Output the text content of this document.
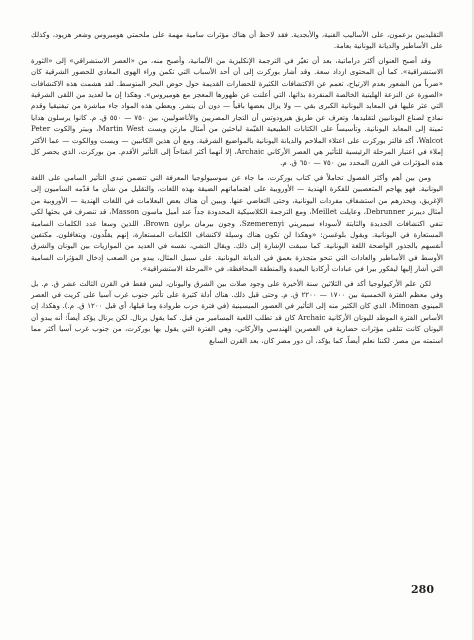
التقليديين بزعمون، على الأساليب الفنية، والأبجدية. فقد لاحظ أن هناك مؤثرات سامية مهمة على ملحمتي هوميروس وشعر هزيود، وكذلك على الأساطير والديانة اليونانية بعامة.

وقد أصبح العنوان أكثر دراماتية، بعد أن تغيّر في الترجمة الإنكليزية من الألمانية، وأصبح منه، من «العصر الاستشراقي» إلى «الثورة الاستشراقية». كما أن المحتوى ازداد سعة. وقد أشار بوركرت إلى أن أحد الأسباب التي تكمن وراء الهوى المعادي للحضور الشرقية كان «ضرباً من الشعور بعدم الارتياح، تعمم عن الاكتشافات الكثيرة للحضارات القديمة حول حوض البحر المتوسط. لقد هشمت هذه الاكتشافات «الصورة عن النزعة الهلينية الخالصة المنفردة بذاتها، التي أعلنت عن ظهورها المعجز مع هوميروس». وهكذا إن ما لعديد من اللقى الشرقية التي عثر عليها في المعابد اليونانية الكبرى بقي — ولا يزال بعضها باقياً — دون أن ينشر. ويعطي هذه المواد جاء مباشرة من تيفنيقيا وقدم نماذج لصناع اليونانيين لتقليدها. وتعرف عن طريق هيرودوتس أن التجار المصريين والأناضوليين، بين ٧٥٠ — ٥٥٠ ق. م. كانوا يرسلون هدايا ثمينة إلى المعابد اليونانية. وتأسيساً على الكتابات الطبيعية القيّمة لباحثين من أمثال مارتن ويست Martin West، وبيتر والكوت Peter Walcot، أكد فالتر بوركرت على اعتلاء الملاحم والديانة اليونانية بالمواضيع الشرقية. ومع أن هذين الكاتبين — ويست ووالكوت — عما الأكثر إملاء في اعتبار المرحلة الرئيسية للتأثير هي العصر الأركاني Archaic، إلا أنهما أكثر انفتاحاً إلى التأثير الأقدم. من بوركرت، الذي يحصر كل هذه المؤثرات في القرن المحدد بين ٧٥٠ — ٦٥٠ ق. م.

ومن بين أهم وأكثر الفصول تحاملاً في كتاب بوركرت، ما جاء عن سوسيولوجيا المعرفة التي تتضمن تبدي التأثير السامي على اللغة اليونانية. فهو يهاجم المتعصبين للفكرة الهندية — الأوروبية على اهتماماتهم الضيقة بهذه اللغات، والتقليل من شأن ما قدّمه الساميون إلى الإغريق، ويحذرهم من استشفاف مفردات اليونانية، وحتى التغاضي عنها. ويبين أن هناك بعض البعلامات في اللغات الهندية — الأوروبية من أمثال ديبرنر Debrunner، وعايلت Meillet، ومع الترجمة الكلاسيكية المحدودة جداً عند أميل ماسون Masson، قد تنصرف في بحثها لكي تنفي اكتشافات الجديدة والثابتة لأسوداء سيمريني Szemerenyi، وجون بيرمان براون Brown، اللذين وسعا عدد الكلمات السامية المستعارة في اليونانية. ويقول بلوغسن: «وهكذا لن تكون هناك وسيلة لاكتشاف الكلمات المستعارة، إنهم يقلّدون، ويتغافلون. مكتفين أنفسهم بالجذور الواضحة اللغة اليونانية. كما سبقت الإشارة إلى ذلك. ويقال التشي، نفسه في العديد من الموازيات بين اليونان والشرق الأوسط في الأساطير والعادات التي تنحو متجذرة بعمق في الديانة اليونانية. على سبيل المثال، يبدو من الصعب إدخال المؤثرات السامية التي أشار إليها ليفكور بيرا في عبادات أركاديا البعيدة والمنطقة المحافظة، في «المرحلة الاستشراقية».

لكن علم الأركيولوجيا أكد في الثلاثين سنة الأخيرة على وجود صلات بين الشرق واليونان، ليس فقط في القرن الثالث عشر ق. م. بل وفي معظم الفترة الخمسية بين ١٧٠٠ — ٢٢٠٠ ق. م. وحتى قبل ذلك. هناك أدلة كثيرة على تأثير جنوب غرب آسيا على كريت في العصر المينوي Minoan، الذي كان الكثير منه إلى التأثير في العصور الميسينية (في فترة حرب طروادة وما قبلها، أي قبل ١٢٠٠ ق. م.). وهكذا، إن الأساس الفترة الموطد لليونان الأركانية Archaic كان قد تطلب اللعبة المسامير من قبل. كما يقول برنال. لكن برنال يؤكد أيضاً: أنه يبدو أن اليونان كانت تتلقى مؤثرات حضارية في العصرين الهندسي والأركاني، وهي الفترة التي يقول بها بوركرت، من جنوب غرب آسيا أكثر مما استمته من مصر. لكننا نعلم أيضاً، كما يؤكد، أن دور مصر كان، بعد القرن السابع

280
